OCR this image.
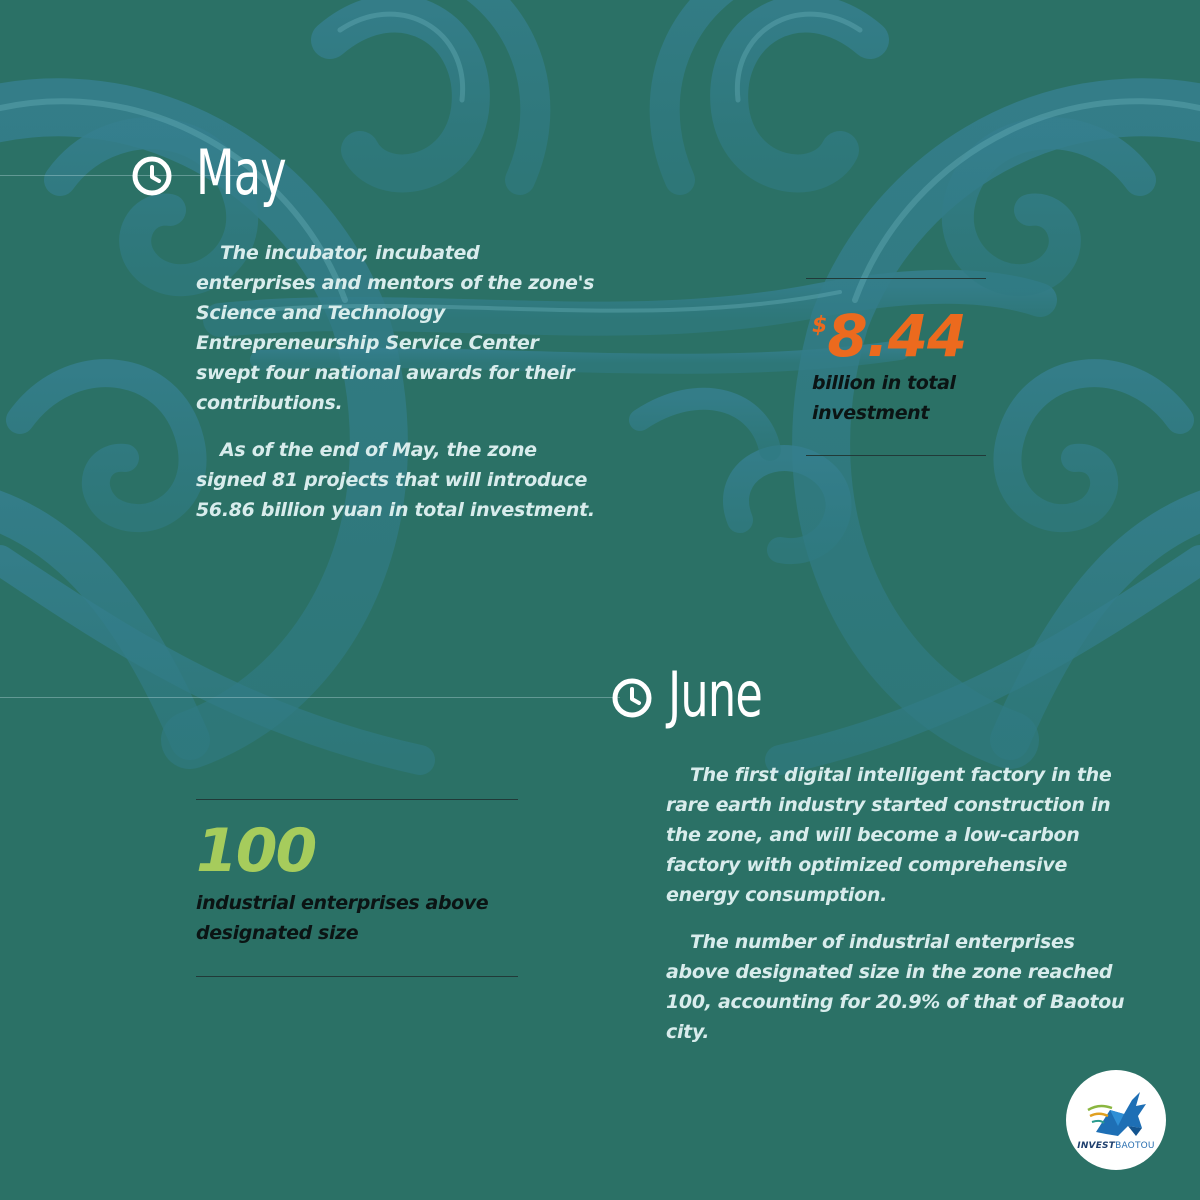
May

The incubator, incubated enterprises and mentors of the zone's Science and Technology Entrepreneurship Service Center swept four national awards for their contributions.

As of the end of May, the zone signed 81 projects that will introduce 56.86 billion yuan in total investment.

$8.44
billion in total investment
June

The first digital intelligent factory in the rare earth industry started construction in the zone, and will become a low-carbon factory with optimized comprehensive energy consumption.

The number of industrial enterprises above designated size in the zone reached 100, accounting for 20.9% of that of Baotou city.

100
industrial enterprises above designated size
INVESTBAOTOU
